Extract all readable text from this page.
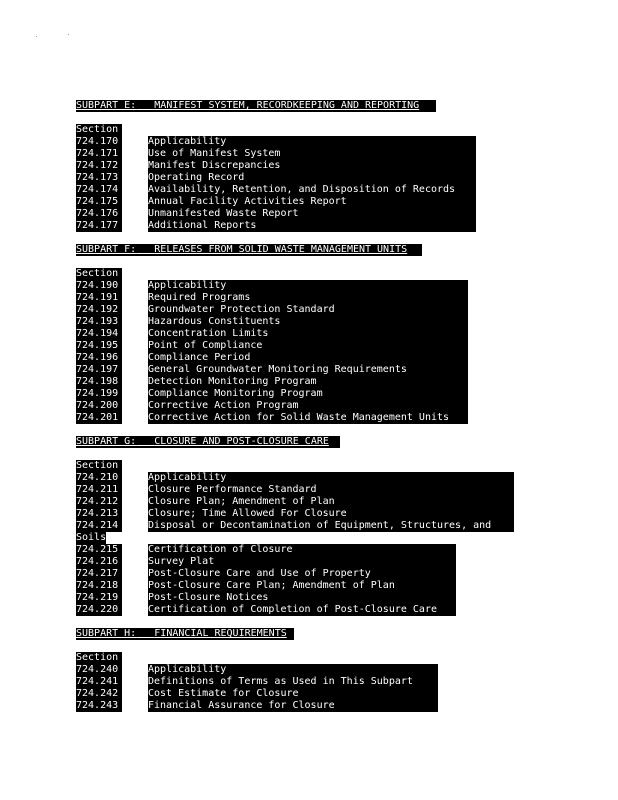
SUBPART E: MANIFEST SYSTEM, RECORDKEEPING AND REPORTING
Section
724.170	Applicability
724.171	Use of Manifest System
724.172	Manifest Discrepancies
724.173	Operating Record
724.174	Availability, Retention, and Disposition of Records
724.175	Annual Facility Activities Report
724.176	Unmanifested Waste Report
724.177	Additional Reports
SUBPART F: RELEASES FROM SOLID WASTE MANAGEMENT UNITS
Section
724.190	Applicability
724.191	Required Programs
724.192	Groundwater Protection Standard
724.193	Hazardous Constituents
724.194	Concentration Limits
724.195	Point of Compliance
724.196	Compliance Period
724.197	General Groundwater Monitoring Requirements
724.198	Detection Monitoring Program
724.199	Compliance Monitoring Program
724.200	Corrective Action Program
724.201	Corrective Action for Solid Waste Management Units
SUBPART G: CLOSURE AND POST-CLOSURE CARE
Section
724.210	Applicability
724.211	Closure Performance Standard
724.212	Closure Plan; Amendment of Plan
724.213	Closure; Time Allowed For Closure
724.214	Disposal or Decontamination of Equipment, Structures, and
Soils
724.215	Certification of Closure
724.216	Survey Plat
724.217	Post-Closure Care and Use of Property
724.218	Post-Closure Care Plan; Amendment of Plan
724.219	Post-Closure Notices
724.220	Certification of Completion of Post-Closure Care
SUBPART H: FINANCIAL REQUIREMENTS
Section
724.240	Applicability
724.241	Definitions of Terms as Used in This Subpart
724.242	Cost Estimate for Closure
724.243	Financial Assurance for Closure
